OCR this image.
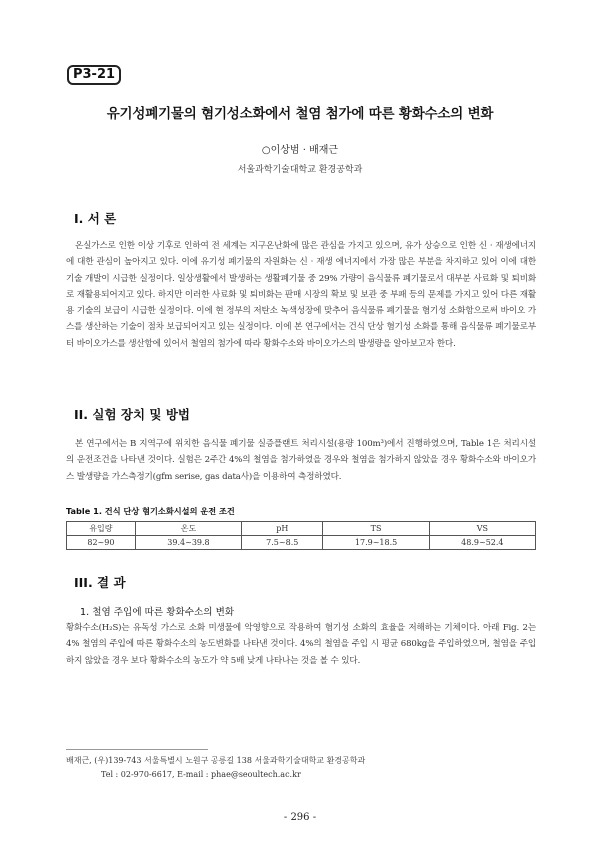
P3-21
유기성폐기물의 혐기성소화에서 철염 첨가에 따른 황화수소의 변화
○이상범 · 배재근
서울과학기술대학교 환경공학과
I. 서 론
온실가스로 인한 이상 기후로 인하여 전 세계는 지구온난화에 많은 관심을 가지고 있으며, 유가 상승으로 인한 신 · 재생에너지에 대한 관심이 높아지고 있다. 이에 유기성 폐기물의 자원화는 신 · 재생 에너지에서 가장 많은 부분을 차지하고 있어 이에 대한 기술 개발이 시급한 실정이다. 일상생활에서 발생하는 생활폐기물 중 29% 가량이 음식물류 폐기물로서 대부분 사료화 및 퇴비화로 재활용되어지고 있다. 하지만 이러한 사료화 및 퇴비화는 판매 시장의 확보 및 보관 중 부패 등의 문제를 가지고 있어 다른 재활용 기술의 보급이 시급한 실정이다. 이에 현 정부의 저탄소 녹색성장에 맞추어 음식물류 폐기물을 혐기성 소화함으로써 바이오 가스를 생산하는 기술이 점차 보급되어지고 있는 실정이다. 이에 본 연구에서는 건식 단상 혐기성 소화를 통해 음식물류 폐기물로부터 바이오가스를 생산함에 있어서 철염의 첨가에 따라 황화수소와 바이오가스의 발생량을 알아보고자 한다.
II. 실험 장치 및 방법
본 연구에서는 B 지역구에 위치한 음식물 폐기물 실증플랜트 처리시설(용량 100m³)에서 진행하였으며, Table 1은 처리시설의 운전조건을 나타낸 것이다. 실험은 2주간 4%의 철염을 첨가하였을 경우와 철염을 첨가하지 않았을 경우 황화수소와 바이오가스 발생량을 가스측정기(gfm serise, gas data사)을 이용하여 측정하였다.
Table 1. 건식 단상 혐기소화시설의 운전 조건
유입량	온도	pH	TS	VS
82~90	39.4~39.8	7.5~8.5	17.9~18.5	48.9~52.4
III. 결 과
1. 철염 주입에 따른 황화수소의 변화
황화수소(H₂S)는 유독성 가스로 소화 미생물에 악영향으로 작용하여 혐기성 소화의 효율을 저해하는 기체이다. 아래 Fig. 2는 4% 철염의 주입에 따른 황화수소의 농도변화를 나타낸 것이다. 4%의 철염을 주입 시 평균 680kg을 주입하였으며, 철염을 주입하지 않았을 경우 보다 황화수소의 농도가 약 5배 낮게 나타나는 것을 볼 수 있다.
배재근, (우)139-743 서울특별시 노원구 공릉길 138 서울과학기술대학교 환경공학과
Tel : 02-970-6617, E-mail : phae@seoultech.ac.kr
- 296 -
